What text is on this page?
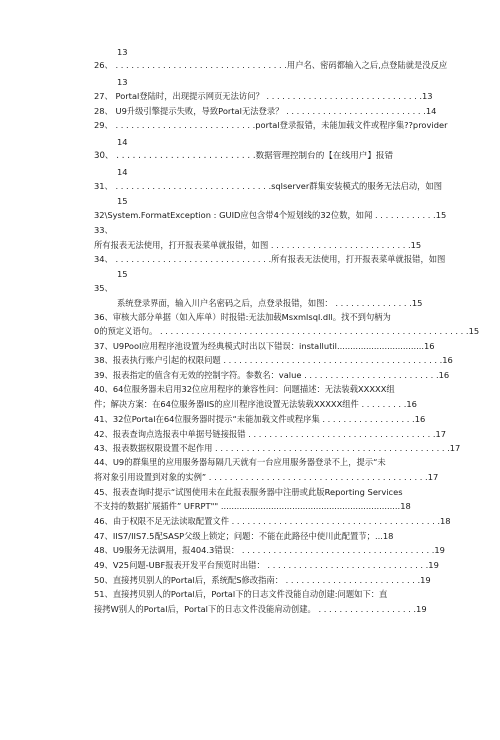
13
26、 . . . . . . . . . . . . . . . . . . . . . . . . . . . . . . . . .用户名、密码都输入之后,点登陆就是没反应
13
27、 Portal登陆时，出现提示网页无法访问？ . . . . . . . . . . . . . . . . . . . . . . . . . . . . . .13
28、 U9升级引擎提示失败，导致Portal无法登录？ . . . . . . . . . . . . . . . . . . . . . . . . . . .14
29、 . . . . . . . . . . . . . . . . . . . . . . . . . . .portal登录报错，未能加载文件或程序集??provider
14
30、 . . . . . . . . . . . . . . . . . . . . . . . . . .数据管理控制台的【在线用户】报错
14
31、 . . . . . . . . . . . . . . . . . . . . . . . . . . . . . .sqlserver群集安装模式的服务无法启动，如图
15
32\System.FormatException : GUID应包含带4个短划线的32位数，如闻 . . . . . . . . . . . .15
33、
所有报表无法使用，打开报表菜单就报错，如图 . . . . . . . . . . . . . . . . . . . . . . . . . . .15
34、 . . . . . . . . . . . . . . . . . . . . . . . . . . . . . .所有报表无法使用，打开报表菜单就报错，如图
15
35、
系统登录界面，输入川户名密码之后，点登录报错，如图： . . . . . . . . . . . . . . .15
36、审核大部分单据（如入库单）时报错:无法加载Msxmlsql.dll。找不到句柄为
0的预定义语句。 . . . . . . . . . . . . . . . . . . . . . . . . . . . . . . . . . . . . . . . . . . . . . . . . . . . . . . . . . . .15
37、U9Pool应用程序池设置为经典模式时出以下错误：installutil.................................16
38、报表执行账户引起的权限问题 . . . . . . . . . . . . . . . . . . . . . . . . . . . . . . . . . . . . . . . . . .16
39、报表指定的值含有无效的控制字符。参数名：value . . . . . . . . . . . . . . . . . . . . . . . . . .16
40、64位服务器未启用32位应用程序的兼容性问：问题描述：无法装载XXXXX组
件；解决方案：在64位服务器IIS的应川程序池设置无法装载XXXXX组件 . . . . . . . . .16
41、32位Portal在64位服务器时提示“未能加载文件或程序集 . . . . . . . . . . . . . . . . . .16
42、报表查询点选报表中单据号链接报错 . . . . . . . . . . . . . . . . . . . . . . . . . . . . . . . . . . . .17
43、报表数据权限设置不起作用 . . . . . . . . . . . . . . . . . . . . . . . . . . . . . . . . . . . . . . . . . . . . .17
44、U9的群集里的应用服务器每隔几天就有一台应用服务器登录不上，提示“未
将对象引用设置到对象的实例” . . . . . . . . . . . . . . . . . . . . . . . . . . . . . . . . . . . . . . . . . .17
45、报表查询时提示“试图使用未在此报表服务器中注册或此版Reporting Services
不支持的数据扩展插件” UFRPT"" ....................................................................18
46、由于权限不足无法读取配置文件 . . . . . . . . . . . . . . . . . . . . . . . . . . . . . . . . . . . . . . . .18
47、IIS7/IIS7.5配SASP父级上锁定；问题：不能在此路径中使川此配置节；...18
48、U9服务无法调用，报404.3错误： . . . . . . . . . . . . . . . . . . . . . . . . . . . . . . . . . . . . .19
49、V25问题-UBF报表开发平台预览时出错： . . . . . . . . . . . . . . . . . . . . . . . . . . . . . . .19
50、直接拷贝别人的Portal后，系统配S修改指南： . . . . . . . . . . . . . . . . . . . . . . . . . .19
51、直接拷贝别人的Portal后，Portal下的日志文件没能自动创建:问题如下：直
接拷W别人的Portal后，Portal下的日志文件没能肩动创建。 . . . . . . . . . . . . . . . . . . .19
